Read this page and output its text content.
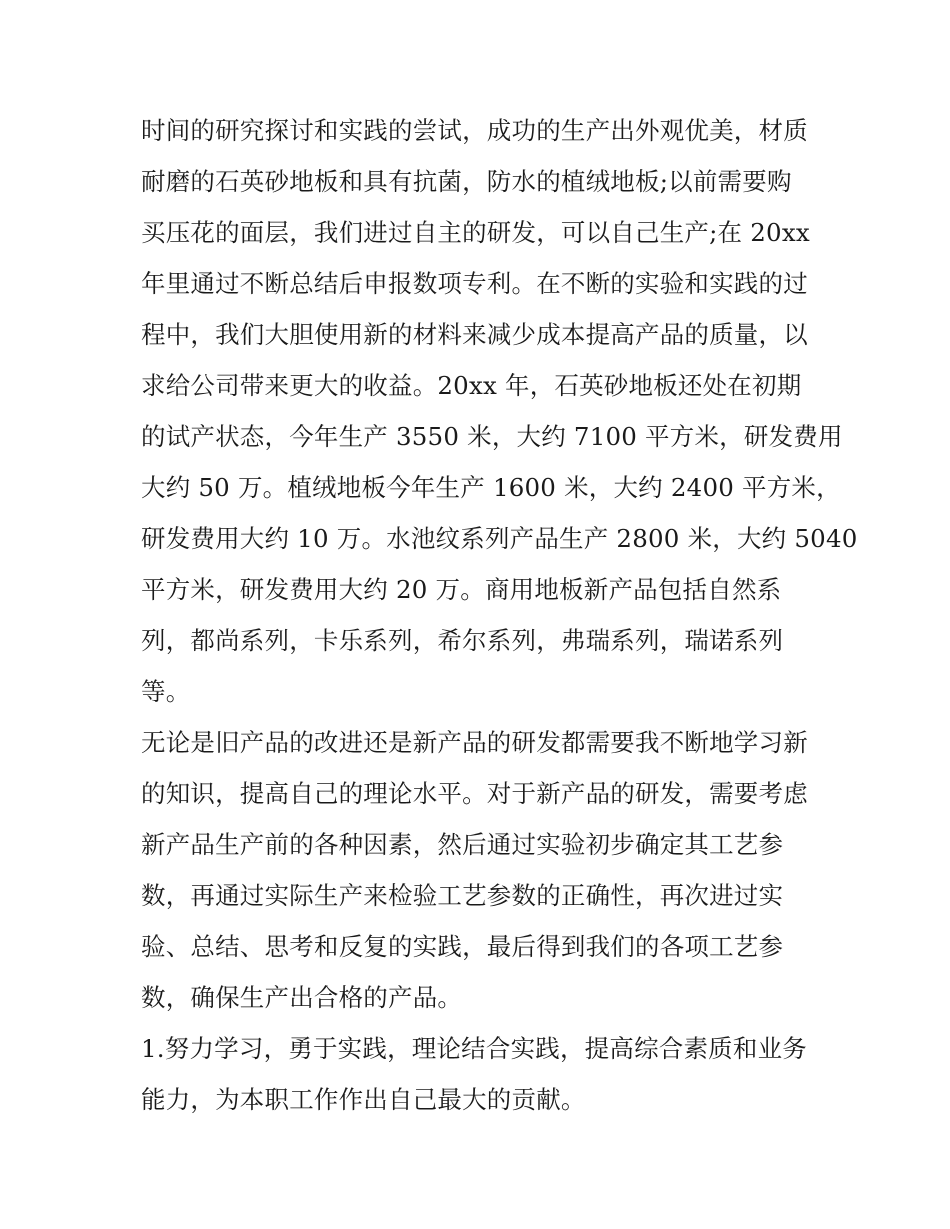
时间的研究探讨和实践的尝试，成功的生产出外观优美，材质
耐磨的石英砂地板和具有抗菌，防水的植绒地板;以前需要购
买压花的面层，我们进过自主的研发，可以自己生产;在 20xx
年里通过不断总结后申报数项专利。在不断的实验和实践的过
程中，我们大胆使用新的材料来减少成本提高产品的质量，以
求给公司带来更大的收益。20xx 年，石英砂地板还处在初期
的试产状态，今年生产 3550 米，大约 7100 平方米，研发费用
大约 50 万。植绒地板今年生产 1600 米，大约 2400 平方米，
研发费用大约 10 万。水池纹系列产品生产 2800 米，大约 5040
平方米，研发费用大约 20 万。商用地板新产品包括自然系
列，都尚系列，卡乐系列，希尔系列，弗瑞系列，瑞诺系列
等。
无论是旧产品的改进还是新产品的研发都需要我不断地学习新
的知识，提高自己的理论水平。对于新产品的研发，需要考虑
新产品生产前的各种因素，然后通过实验初步确定其工艺参
数，再通过实际生产来检验工艺参数的正确性，再次进过实
验、总结、思考和反复的实践，最后得到我们的各项工艺参
数，确保生产出合格的产品。
1.努力学习，勇于实践，理论结合实践，提高综合素质和业务
能力，为本职工作作出自己最大的贡献。
